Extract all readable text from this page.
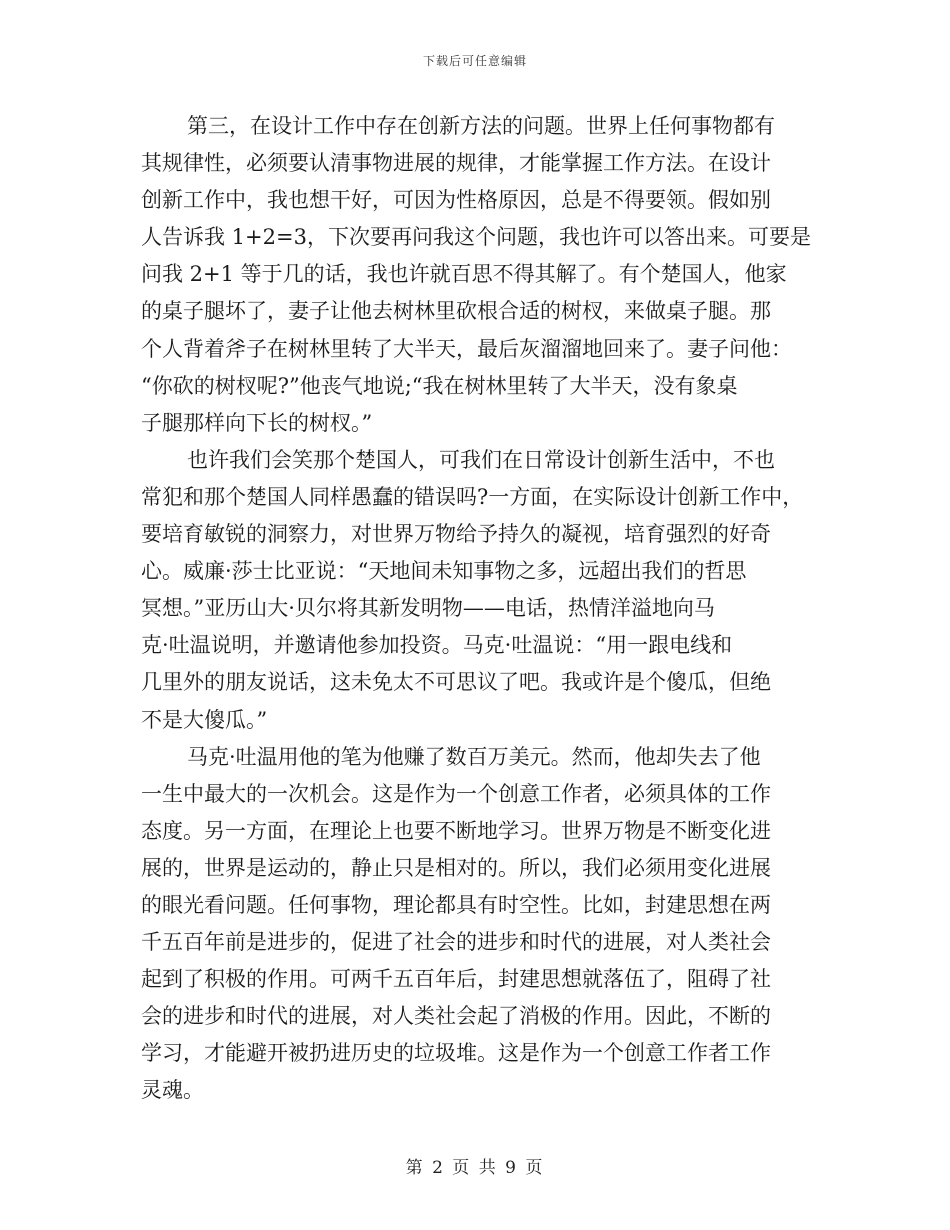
下载后可任意编辑
第三，在设计工作中存在创新方法的问题。世界上任何事物都有
其规律性，必须要认清事物进展的规律，才能掌握工作方法。在设计
创新工作中，我也想干好，可因为性格原因，总是不得要领。假如别
人告诉我 1+2=3，下次要再问我这个问题，我也许可以答出来。可要是
问我 2+1 等于几的话，我也许就百思不得其解了。有个楚国人，他家
的桌子腿坏了，妻子让他去树林里砍根合适的树杈，来做桌子腿。那
个人背着斧子在树林里转了大半天，最后灰溜溜地回来了。妻子问他：
“你砍的树杈呢?”他丧气地说;“我在树林里转了大半天，没有象桌
子腿那样向下长的树杈。”
也许我们会笑那个楚国人，可我们在日常设计创新生活中，不也
常犯和那个楚国人同样愚蠢的错误吗?一方面，在实际设计创新工作中，
要培育敏锐的洞察力，对世界万物给予持久的凝视，培育强烈的好奇
心。威廉·莎士比亚说：“天地间未知事物之多，远超出我们的哲思
冥想。”亚历山大·贝尔将其新发明物——电话，热情洋溢地向马
克·吐温说明，并邀请他参加投资。马克·吐温说：“用一跟电线和
几里外的朋友说话，这未免太不可思议了吧。我或许是个傻瓜，但绝
不是大傻瓜。”
马克·吐温用他的笔为他赚了数百万美元。然而，他却失去了他
一生中最大的一次机会。这是作为一个创意工作者，必须具体的工作
态度。另一方面，在理论上也要不断地学习。世界万物是不断变化进
展的，世界是运动的，静止只是相对的。所以，我们必须用变化进展
的眼光看问题。任何事物，理论都具有时空性。比如，封建思想在两
千五百年前是进步的，促进了社会的进步和时代的进展，对人类社会
起到了积极的作用。可两千五百年后，封建思想就落伍了，阻碍了社
会的进步和时代的进展，对人类社会起了消极的作用。因此，不断的
学习，才能避开被扔进历史的垃圾堆。这是作为一个创意工作者工作
灵魂。
第 2 页 共 9 页
